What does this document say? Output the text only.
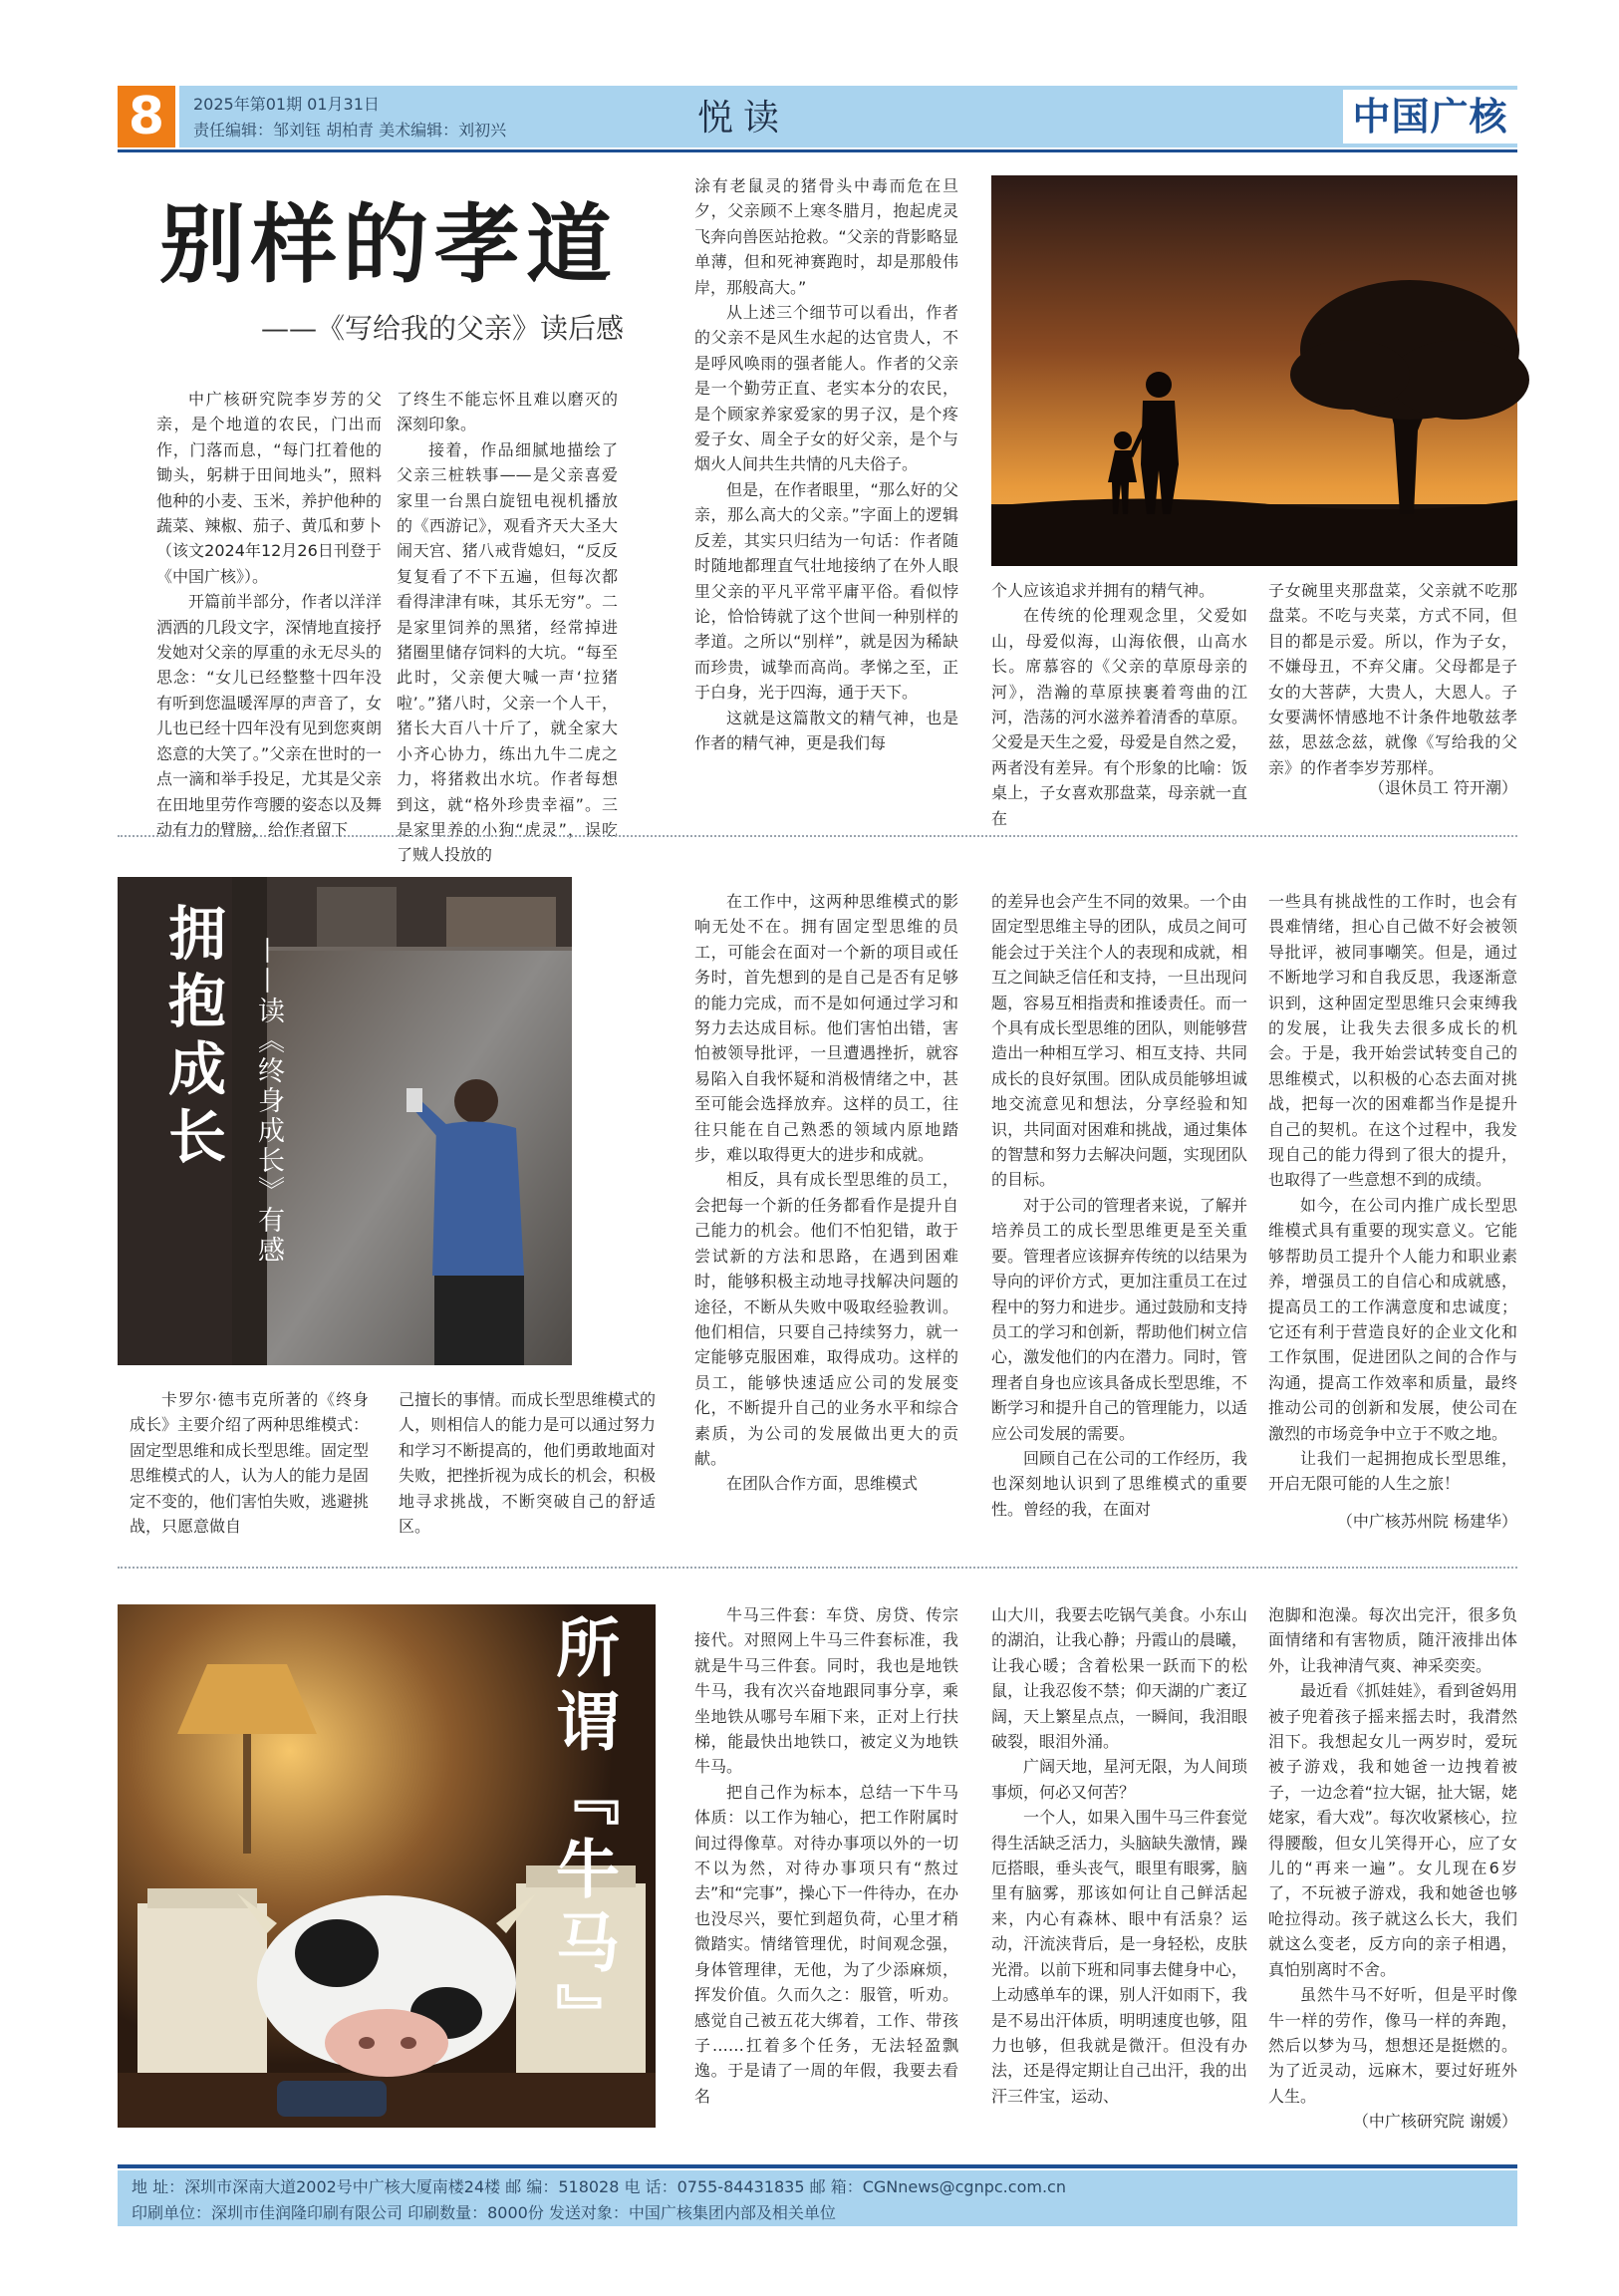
8	2025年第01期 01月31日
责任编辑：邹刘钰 胡柏青 美术编辑：刘初兴	悦读	中国广核
别样的孝道
——《写给我的父亲》读后感

中广核研究院李岁芳的父亲，是个地道的农民，门出而作，门落而息，“每门扛着他的锄头，躬耕于田间地头”，照料他种的小麦、玉米，养护他种的蔬菜、辣椒、茄子、黄瓜和萝卜（该文2024年12月26日刊登于《中国广核》）。

开篇前半部分，作者以洋洋洒洒的几段文字，深情地直接抒发她对父亲的厚重的永无尽头的思念：“女儿已经整整十四年没有听到您温暖浑厚的声音了，女儿也已经十四年没有见到您爽朗恣意的大笑了。”父亲在世时的一点一滴和举手投足，尤其是父亲在田地里劳作弯腰的姿态以及舞动有力的臂膀，给作者留下

了终生不能忘怀且难以磨灭的深刻印象。

接着，作品细腻地描绘了父亲三桩轶事——是父亲喜爱家里一台黑白旋钮电视机播放的《西游记》，观看齐天大圣大闹天宫、猪八戒背媳妇，“反反复复看了不下五遍，但每次都看得津津有味，其乐无穷”。二是家里饲养的黑猪，经常掉进猪圈里储存饲料的大坑。“每至此时，父亲便大喊一声‘拉猪啦’。”猪八时，父亲一个人干，猪长大百八十斤了，就全家大小齐心协力，练出九牛二虎之力，将猪救出水坑。作者每想到这，就“格外珍贵幸福”。三是家里养的小狗“虎灵”，误吃了贼人投放的

涂有老鼠灵的猪骨头中毒而危在旦夕，父亲顾不上寒冬腊月，抱起虎灵飞奔向兽医站抢救。“父亲的背影略显单薄，但和死神赛跑时，却是那般伟岸，那般高大。”

从上述三个细节可以看出，作者的父亲不是风生水起的达官贵人，不是呼风唤雨的强者能人。作者的父亲是一个勤劳正直、老实本分的农民，是个顾家养家爱家的男子汉，是个疼爱子女、周全子女的好父亲，是个与烟火人间共生共情的凡夫俗子。

但是，在作者眼里，“那么好的父亲，那么高大的父亲。”字面上的逻辑反差，其实只归结为一句话：作者随时随地都理直气壮地接纳了在外人眼里父亲的平凡平常平庸平俗。看似悖论，恰恰铸就了这个世间一种别样的孝道。之所以“别样”，就是因为稀缺而珍贵，诚挚而高尚。孝悌之至，正于白身，光于四海，通于天下。

这就是这篇散文的精气神，也是作者的精气神，更是我们每

个人应该追求并拥有的精气神。

在传统的伦理观念里，父爱如山，母爱似海，山海依偎，山高水长。席慕容的《父亲的草原母亲的河》，浩瀚的草原挟裹着弯曲的江河，浩荡的河水滋养着清香的草原。父爱是天生之爱，母爱是自然之爱，两者没有差异。有个形象的比喻：饭桌上，子女喜欢那盘菜，母亲就一直在

子女碗里夹那盘菜，父亲就不吃那盘菜。不吃与夹菜，方式不同，但目的都是示爱。所以，作为子女，不嫌母丑，不弃父庸。父母都是子女的大菩萨，大贵人，大恩人。子女要满怀情感地不计条件地敬兹孝兹，思兹念兹，就像《写给我的父亲》的作者李岁芳那样。

（退休员工 符开潮）
拥抱成长 ——读《终身成长》有感

卡罗尔·德韦克所著的《终身成长》主要介绍了两种思维模式：固定型思维和成长型思维。固定型思维模式的人，认为人的能力是固定不变的，他们害怕失败，逃避挑战，只愿意做自

己擅长的事情。而成长型思维模式的人，则相信人的能力是可以通过努力和学习不断提高的，他们勇敢地面对失败，把挫折视为成长的机会，积极地寻求挑战，不断突破自己的舒适区。

在工作中，这两种思维模式的影响无处不在。拥有固定型思维的员工，可能会在面对一个新的项目或任务时，首先想到的是自己是否有足够的能力完成，而不是如何通过学习和努力去达成目标。他们害怕出错，害怕被领导批评，一旦遭遇挫折，就容易陷入自我怀疑和消极情绪之中，甚至可能会选择放弃。这样的员工，往往只能在自己熟悉的领域内原地踏步，难以取得更大的进步和成就。

相反，具有成长型思维的员工，会把每一个新的任务都看作是提升自己能力的机会。他们不怕犯错，敢于尝试新的方法和思路，在遇到困难时，能够积极主动地寻找解决问题的途径，不断从失败中吸取经验教训。他们相信，只要自己持续努力，就一定能够克服困难，取得成功。这样的员工，能够快速适应公司的发展变化，不断提升自己的业务水平和综合素质，为公司的发展做出更大的贡献。

在团队合作方面，思维模式

的差异也会产生不同的效果。一个由固定型思维主导的团队，成员之间可能会过于关注个人的表现和成就，相互之间缺乏信任和支持，一旦出现问题，容易互相指责和推诿责任。而一个具有成长型思维的团队，则能够营造出一种相互学习、相互支持、共同成长的良好氛围。团队成员能够坦诚地交流意见和想法，分享经验和知识，共同面对困难和挑战，通过集体的智慧和努力去解决问题，实现团队的目标。

对于公司的管理者来说，了解并培养员工的成长型思维更是至关重要。管理者应该摒弃传统的以结果为导向的评价方式，更加注重员工在过程中的努力和进步。通过鼓励和支持员工的学习和创新，帮助他们树立信心，激发他们的内在潜力。同时，管理者自身也应该具备成长型思维，不断学习和提升自己的管理能力，以适应公司发展的需要。

回顾自己在公司的工作经历，我也深刻地认识到了思维模式的重要性。曾经的我，在面对

一些具有挑战性的工作时，也会有畏难情绪，担心自己做不好会被领导批评，被同事嘲笑。但是，通过不断地学习和自我反思，我逐渐意识到，这种固定型思维只会束缚我的发展，让我失去很多成长的机会。于是，我开始尝试转变自己的思维模式，以积极的心态去面对挑战，把每一次的困难都当作是提升自己的契机。在这个过程中，我发现自己的能力得到了很大的提升，也取得了一些意想不到的成绩。

如今，在公司内推广成长型思维模式具有重要的现实意义。它能够帮助员工提升个人能力和职业素养，增强员工的自信心和成就感，提高员工的工作满意度和忠诚度；它还有利于营造良好的企业文化和工作氛围，促进团队之间的合作与沟通，提高工作效率和质量，最终推动公司的创新和发展，使公司在激烈的市场竞争中立于不败之地。

让我们一起拥抱成长型思维，开启无限可能的人生之旅！

（中广核苏州院 杨建华）
所谓『牛马』	牛马三件套：车贷、房贷、传宗接代。对照网上牛马三件套标准，我就是牛马三件套。同时，我也是地铁牛马，我有次兴奋地跟同事分享，乘坐地铁从哪号车厢下来，正对上行扶梯，能最快出地铁口，被定义为地铁牛马。

把自己作为标本，总结一下牛马体质：以工作为轴心，把工作附属时间过得像草。对待办事项以外的一切不以为然，对待办事项只有“熬过去”和“完事”，操心下一件待办，在办也没尽兴，要忙到超负荷，心里才稍微踏实。情绪管理优，时间观念强，身体管理律，无他，为了少添麻烦，挥发价值。久而久之：服管，听劝。感觉自己被五花大绑着，工作、带孩子……扛着多个任务，无法轻盈飘逸。于是请了一周的年假，我要去看名

山大川，我要去吃锅气美食。小东山的湖泊，让我心静；丹霞山的晨曦，让我心暖；含着松果一跃而下的松鼠，让我忍俊不禁；仰天湖的广袤辽阔，天上繁星点点，一瞬间，我泪眼破裂，眼泪外涌。

广阔天地，星河无限，为人间琐事烦，何必又何苦？

一个人，如果入围牛马三件套觉得生活缺乏活力，头脑缺失激情，躁厄搭眼，垂头丧气，眼里有眼雾，脑里有脑雾，那该如何让自己鲜活起来，内心有森林、眼中有活泉？运动，汗流浃背后，是一身轻松，皮肤光滑。以前下班和同事去健身中心，上动感单车的课，别人汗如雨下，我是不易出汗体质，明明速度也够，阻力也够，但我就是微汗。但没有办法，还是得定期让自己出汗，我的出汗三件宝，运动、

泡脚和泡澡。每次出完汗，很多负面情绪和有害物质，随汗液排出体外，让我神清气爽、神采奕奕。

最近看《抓娃娃》，看到爸妈用被子兜着孩子摇来摇去时，我潸然泪下。我想起女儿一两岁时，爱玩被子游戏，我和她爸一边拽着被子，一边念着“拉大锯，扯大锯，姥姥家，看大戏”。每次收紧核心，拉得腰酸，但女儿笑得开心，应了女儿的“再来一遍”。女儿现在6岁了，不玩被子游戏，我和她爸也够呛拉得动。孩子就这么长大，我们就这么变老，反方向的亲子相遇，真怕别离时不舍。

虽然牛马不好听，但是平时像牛一样的劳作，像马一样的奔跑，然后以梦为马，想想还是挺燃的。为了近灵动，远麻木，要过好班外人生。

（中广核研究院 谢媛）
地 址：深圳市深南大道2002号中广核大厦南楼24楼 邮 编：518028 电 话：0755-84431835 邮 箱：CGNnews@cgnpc.com.cn
印刷单位：深圳市佳润隆印刷有限公司 印刷数量：8000份 发送对象：中国广核集团内部及相关单位
